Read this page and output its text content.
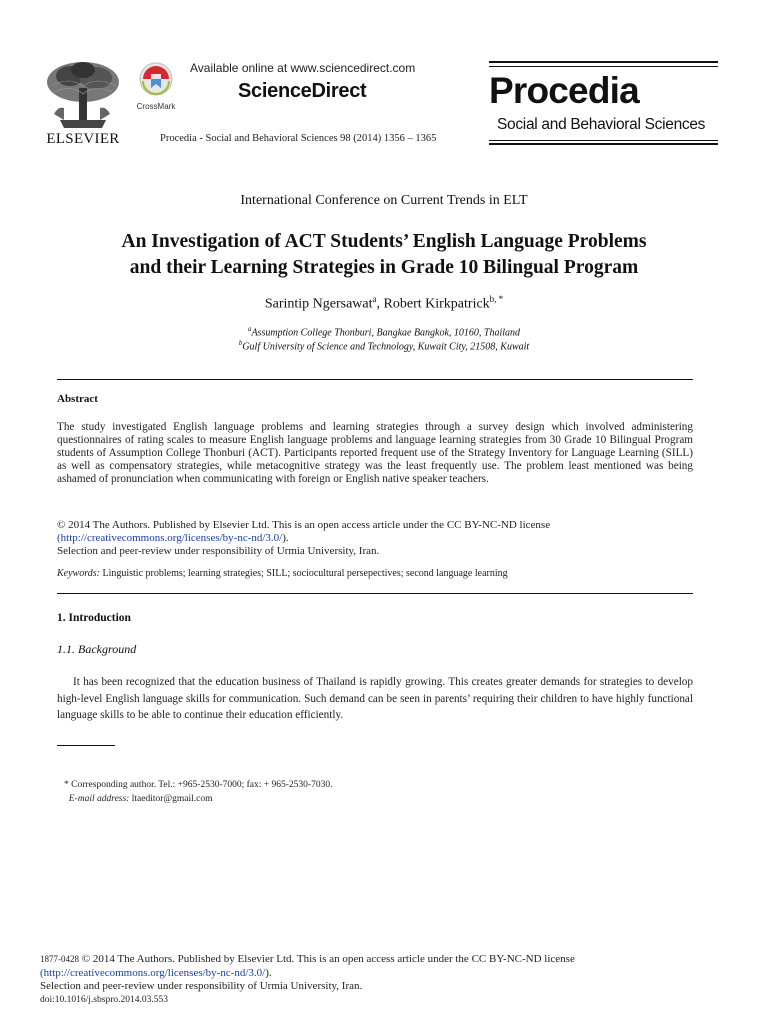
ELSEVIER
CrossMark
Available online at www.sciencedirect.com
ScienceDirect
Procedia - Social and Behavioral Sciences 98 (2014) 1356 – 1365
Procedia
Social and Behavioral Sciences
International Conference on Current Trends in ELT
An Investigation of ACT Students’ English Language Problems
and their Learning Strategies in Grade 10 Bilingual Program
Sarintip Ngersawat$^a$, Robert Kirkpatrick$^{b, *}$
$^a$Assumption College Thonburi, Bangkae Bangkok, 10160, Thailand
$^b$Gulf University of Science and Technology, Kuwait City, 21508, Kuwait
Abstract
The study investigated English language problems and learning strategies through a survey design which involved administering questionnaires of rating scales to measure English language problems and language learning strategies from 30 Grade 10 Bilingual Program students of Assumption College Thonburi (ACT). Participants reported frequent use of the Strategy Inventory for Language Learning (SILL) as well as compensatory strategies, while metacognitive strategy was the least frequently use. The problem least mentioned was being ashamed of pronunciation when communicating with foreign or English native speaker teachers.
© 2014 The Authors. Published by Elsevier Ltd. This is an open access article under the CC BY-NC-ND license
(http://creativecommons.org/licenses/by-nc-nd/3.0/).
Selection and peer-review under responsibility of Urmia University, Iran.
Keywords: Linguistic problems; learning strategies; SILL; sociocultural persepectives; second language learning
1. Introduction
1.1. Background
It has been recognized that the education business of Thailand is rapidly growing. This creates greater demands for strategies to develop high-level English language skills for communication. Such demand can be seen in parents’ requiring their children to have highly functional language skills to be able to continue their education efficiently.
* Corresponding author. Tel.: +965-2530-7000; fax: + 965-2530-7030.
E-mail address: ltaeditor@gmail.com
1877-0428 © 2014 The Authors. Published by Elsevier Ltd. This is an open access article under the CC BY-NC-ND license
(http://creativecommons.org/licenses/by-nc-nd/3.0/).
Selection and peer-review under responsibility of Urmia University, Iran.
doi:10.1016/j.sbspro.2014.03.553
